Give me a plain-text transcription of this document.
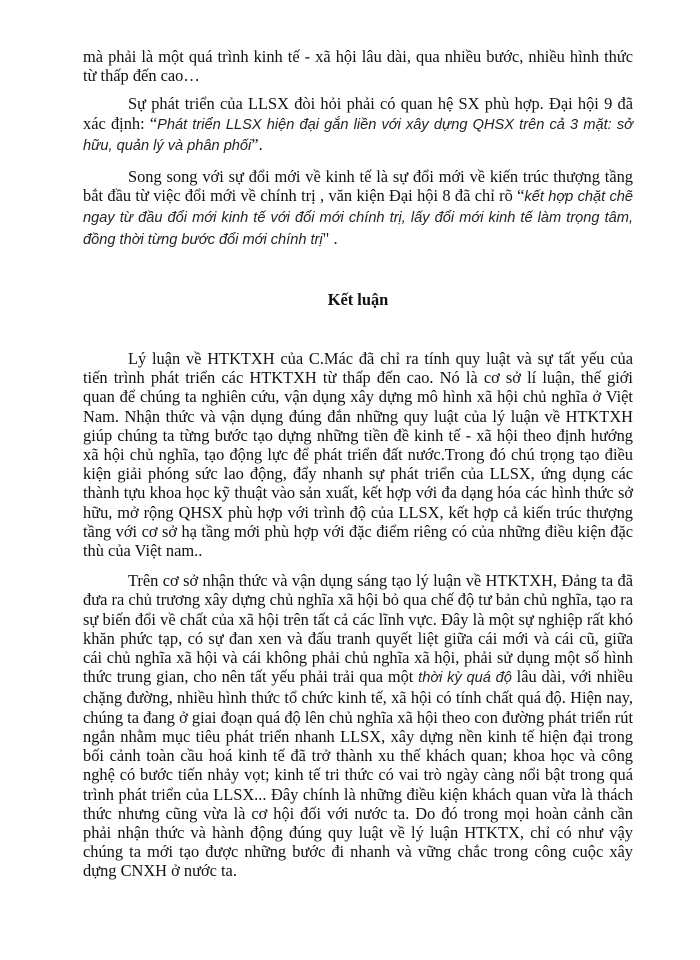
mà phải là một quá trình kinh tế - xã hội lâu dài, qua nhiều bước, nhiều hình thức từ thấp đến cao…

Sự phát triển của LLSX đòi hỏi phải có quan hệ SX phù hợp. Đại hội 9 đã xác định: “Phát triển LLSX hiện đại gắn liền với xây dựng QHSX trên cả 3 mặt: sở hữu, quản lý và phân phối”.

Song song với sự đổi mới về kinh tế là sự đổi mới về kiến trúc thượng tầng bắt đầu từ việc đổi mới về chính trị , văn kiện Đại hội 8 đã chỉ rõ “kết hợp chặt chẽ ngay từ đầu đổi mới kinh tế với đổi mới chính trị, lấy đổi mới kinh tế làm trọng tâm, đồng thời từng bước đổi mới chính trị" .

Kết luận

Lý luận về HTKTXH của C.Mác đã chỉ ra tính quy luật và sự tất yếu của tiến trình phát triển các HTKTXH từ thấp đến cao. Nó là cơ sở lí luận, thế giới quan để chúng ta nghiên cứu, vận dụng xây dựng mô hình xã hội chủ nghĩa ở Việt Nam. Nhận thức và vận dụng đúng đắn những quy luật của lý luận về HTKTXH giúp chúng ta từng bước tạo dựng những tiền đề kinh tế - xã hội theo định hướng xã hội chủ nghĩa, tạo động lực để phát triển đất nước.Trong đó chú trọng tạo điều kiện giải phóng sức lao động, đẩy nhanh sự phát triển của LLSX, ứng dụng các thành tựu khoa học kỹ thuật vào sản xuất, kết hợp với đa dạng hóa các hình thức sở hữu, mở rộng QHSX phù hợp với trình độ của LLSX, kết hợp cả kiến trúc thượng tầng với cơ sở hạ tầng mới phù hợp với đặc điểm riêng có của những điều kiện đặc thù của Việt nam..

Trên cơ sở nhận thức và vận dụng sáng tạo lý luận về HTKTXH, Đảng ta đã đưa ra chủ trương xây dựng chủ nghĩa xã hội bỏ qua chế độ tư bản chủ nghĩa, tạo ra sự biến đổi về chất của xã hội trên tất cả các lĩnh vực. Đây là một sự nghiệp rất khó khăn phức tạp, có sự đan xen và đấu tranh quyết liệt giữa cái mới và cái cũ, giữa cái chủ nghĩa xã hội và cái không phải chủ nghĩa xã hội, phải sử dụng một số hình thức trung gian, cho nên tất yếu phải trải qua một thời kỳ quá độ lâu dài, với nhiều chặng đường, nhiều hình thức tổ chức kinh tế, xã hội có tính chất quá độ. Hiện nay, chúng ta đang ở giai đoạn quá độ lên chủ nghĩa xã hội theo con đường phát triển rút ngắn nhằm mục tiêu phát triển nhanh LLSX, xây dựng nền kinh tế hiện đại trong bối cảnh toàn cầu hoá kinh tế đã trở thành xu thế khách quan; khoa học và công nghệ có bước tiến nhảy vọt; kinh tế tri thức có vai trò ngày càng nổi bật trong quá trình phát triển của LLSX... Đây chính là những điều kiện khách quan vừa là thách thức nhưng cũng vừa là cơ hội đối với nước ta. Do đó trong mọi hoàn cảnh cần phải nhận thức và hành động đúng quy luật về lý luận HTKTX, chỉ có như vậy chúng ta mới tạo được những bước đi nhanh và vững chắc trong công cuộc xây dựng CNXH ở nước ta.
